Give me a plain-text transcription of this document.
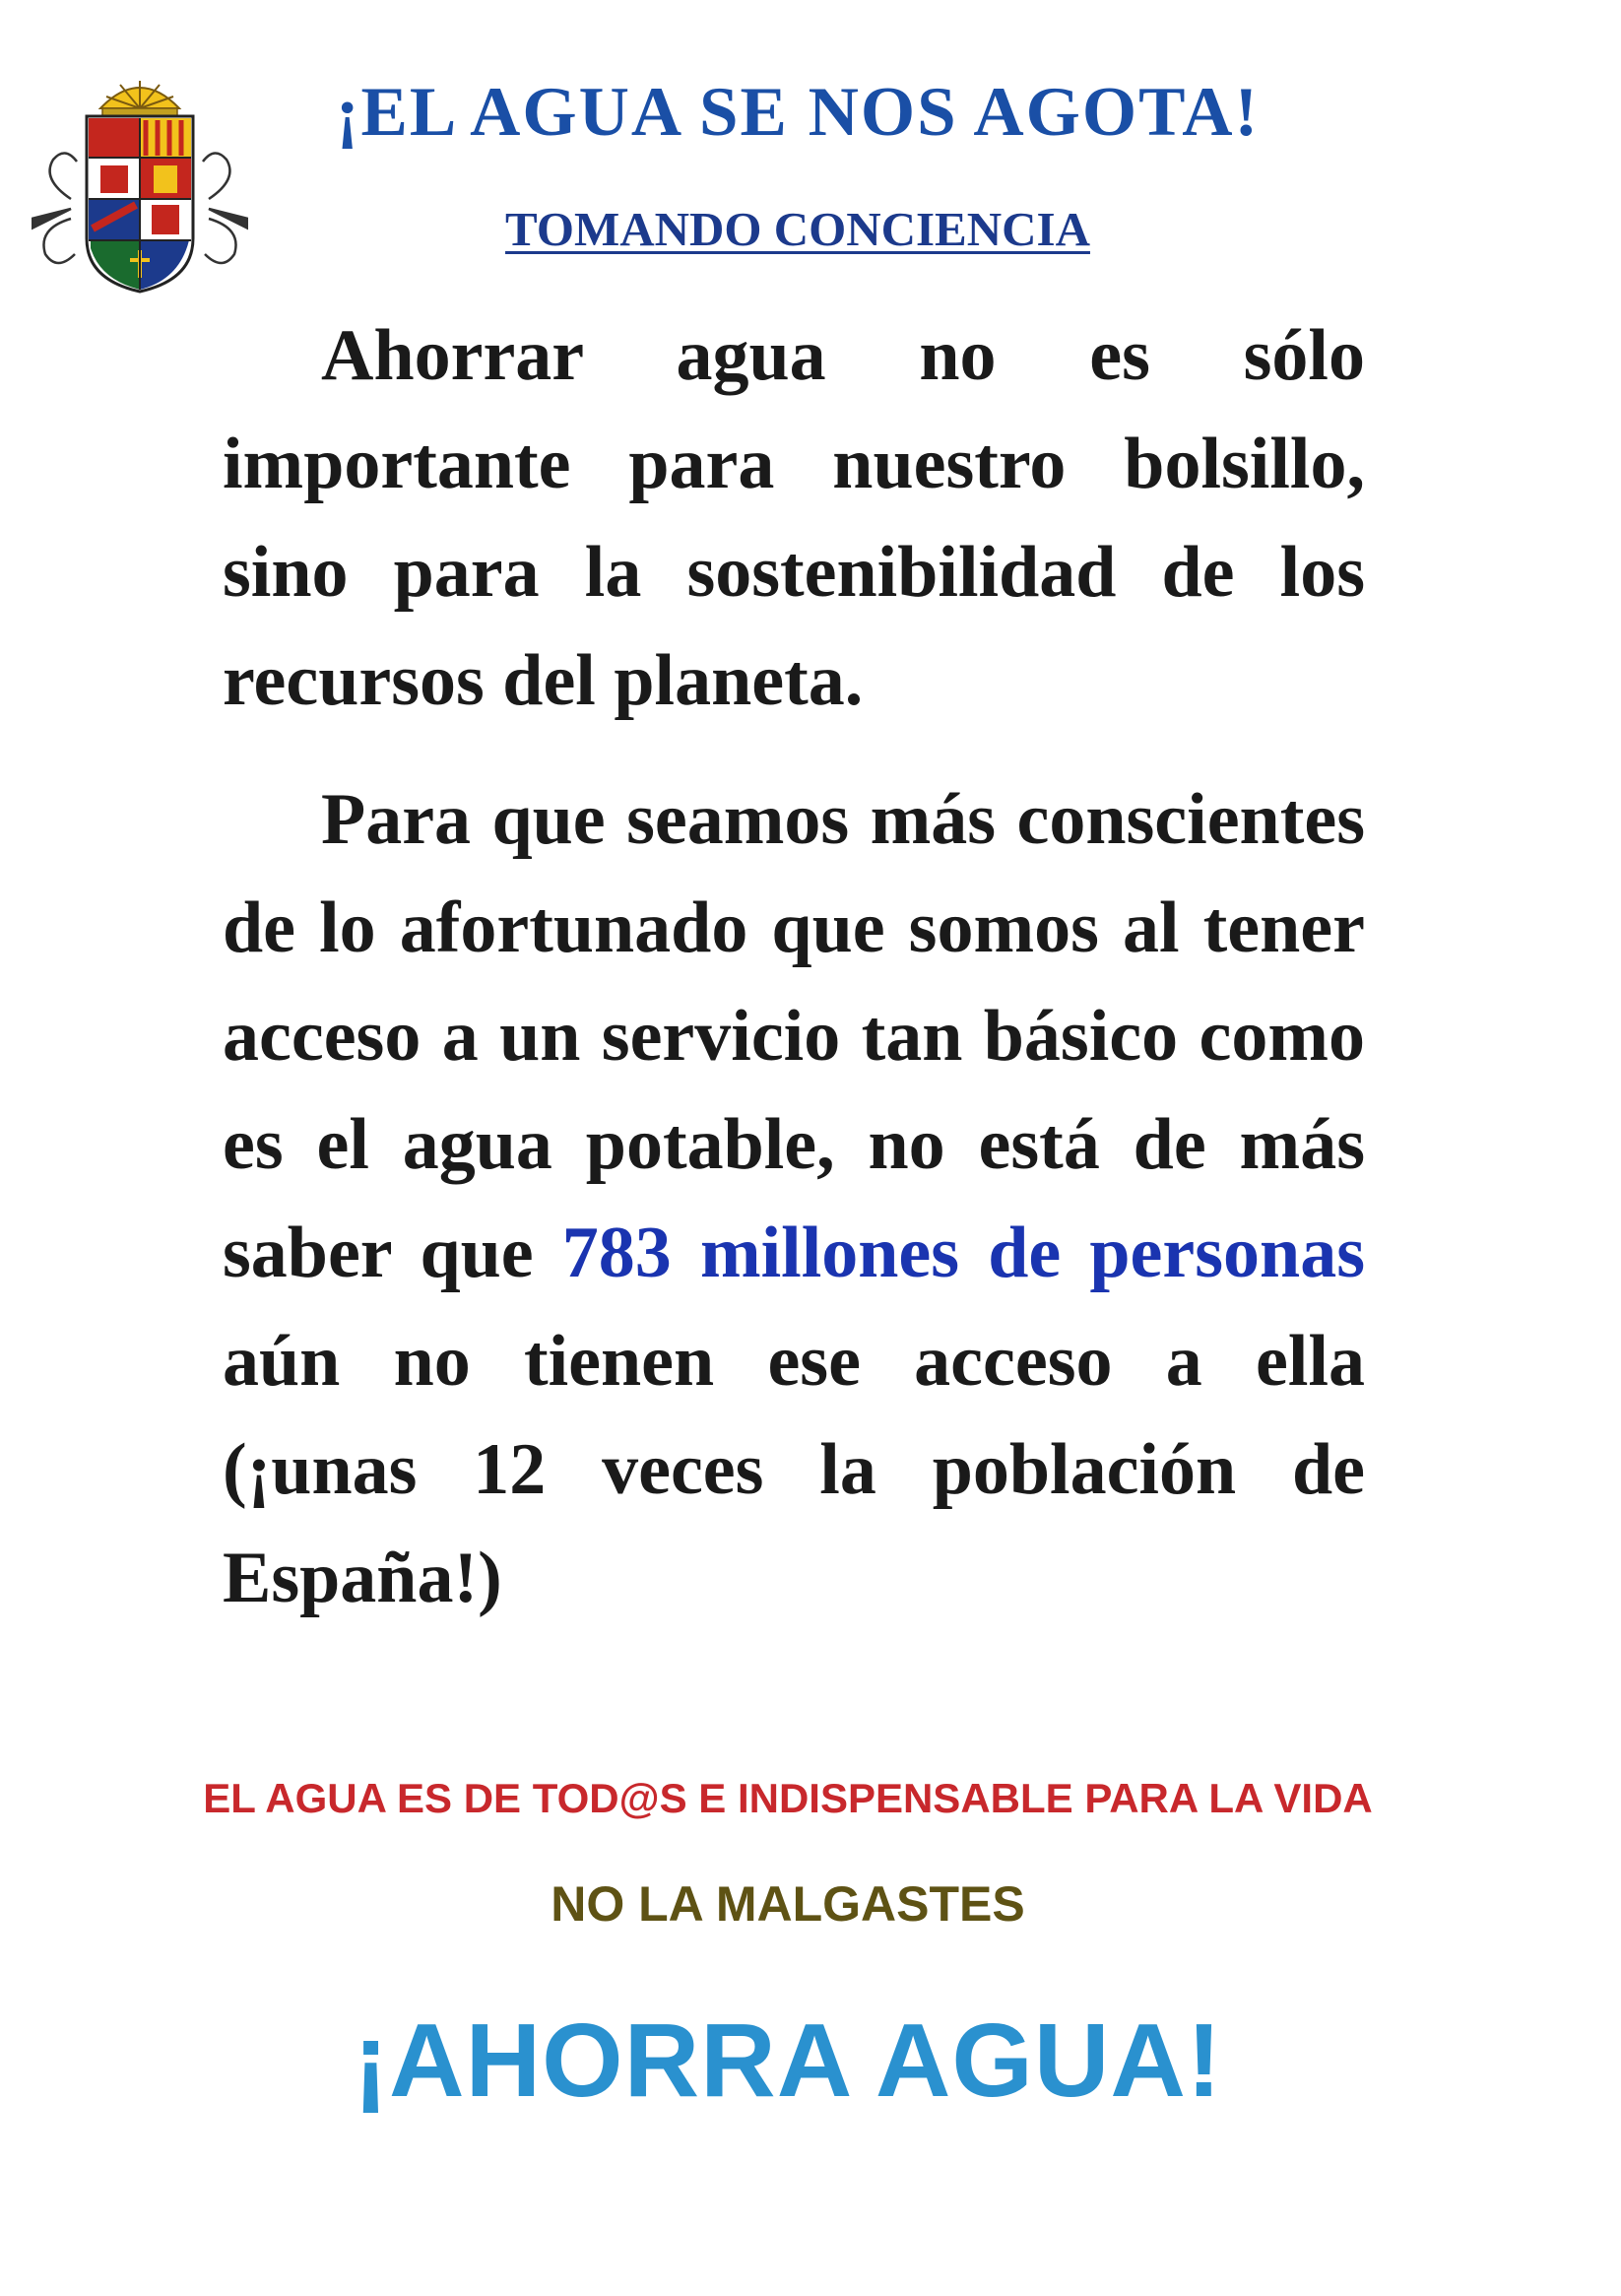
¡EL AGUA SE NOS AGOTA!
TOMANDO CONCIENCIA

Ahorrar agua no es sólo importante para nuestro bolsillo, sino para la sostenibilidad de los recursos del planeta.

Para que seamos más conscientes de lo afortunado que somos al tener acceso a un servicio tan básico como es el agua potable, no está de más saber que 783 millones de personas aún no tienen ese acceso a ella (¡unas 12 veces la población de España!)

EL AGUA ES DE TOD@S E INDISPENSABLE PARA LA VIDA
NO LA MALGASTES
¡AHORRA AGUA!
